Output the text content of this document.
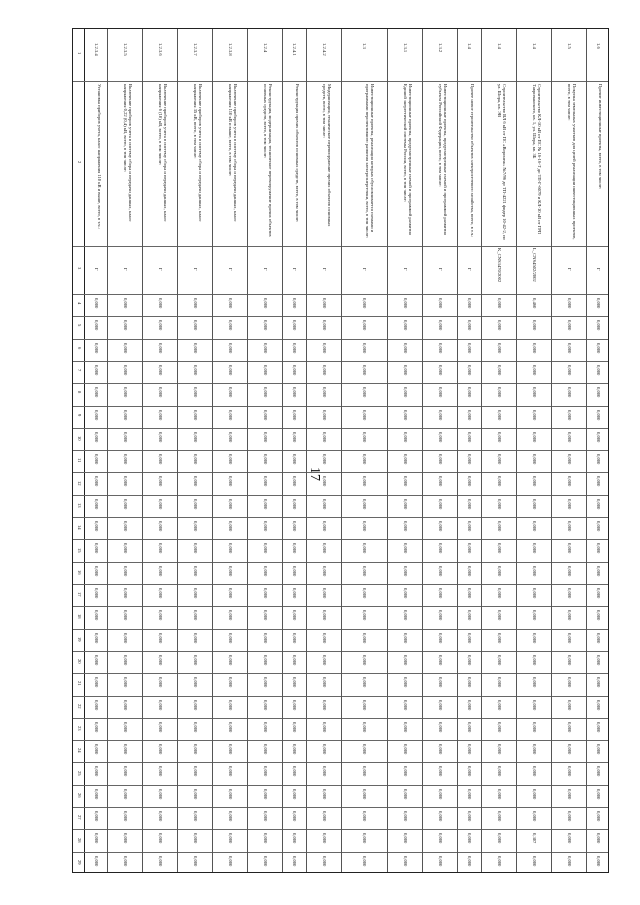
17
1
2
3
4
5
6
7
8
9
10
11
12
13
14
15
16
17
18
19
20
21
22
23
24
25
26
27
28
29
1.2.3.4
Установка приборов учета, класс напряжения 110 кВ и выше, всего, в т.ч.:
Г
0,000
0,000
0,000
0,000
0,000
0,000
0,000
0,000
0,000
0,000
0,000
0,000
0,000
0,000
0,000
0,000
0,000
0,000
0,000
0,000
0,000
0,000
0,000
0,000
0,000
0,000
1.2.3.5
Включение приборов учета в систему сбора и передачи данных, класс напряжения 0,22 (0,4) кВ, всего, в том числе:
Г
0,000
0,000
0,000
0,000
0,000
0,000
0,000
0,000
0,000
0,000
0,000
0,000
0,000
0,000
0,000
0,000
0,000
0,000
0,000
0,000
0,000
0,000
0,000
0,000
0,000
0,000
1.2.3.6
Включение приборов учета в систему сбора и передачи данных, класс напряжения 6 (10) кВ, всего, в том числе:
Г
0,000
0,000
0,000
0,000
0,000
0,000
0,000
0,000
0,000
0,000
0,000
0,000
0,000
0,000
0,000
0,000
0,000
0,000
0,000
0,000
0,000
0,000
0,000
0,000
0,000
0,000
1.2.3.7
Включение приборов учета в систему сбора и передачи данных, класс напряжения 35 кВ, всего, в том числе:
Г
0,000
0,000
0,000
0,000
0,000
0,000
0,000
0,000
0,000
0,000
0,000
0,000
0,000
0,000
0,000
0,000
0,000
0,000
0,000
0,000
0,000
0,000
0,000
0,000
0,000
0,000
1.2.3.8
Включение приборов учета в систему сбора и передачи данных, класс напряжения 110 кВ и выше, всего, в том числе:
Г
0,000
0,000
0,000
0,000
0,000
0,000
0,000
0,000
0,000
0,000
0,000
0,000
0,000
0,000
0,000
0,000
0,000
0,000
0,000
0,000
0,000
0,000
0,000
0,000
0,000
0,000
1.2.4
Реконструкция, модернизация, техническое перевооружение прочих объектов основных средств, всего, в том числе:
Г
0,000
0,000
0,000
0,000
0,000
0,000
0,000
0,000
0,000
0,000
0,000
0,000
0,000
0,000
0,000
0,000
0,000
0,000
0,000
0,000
0,000
0,000
0,000
0,000
0,000
0,000
1.2.4.1
Реконструкция прочих объектов основных средств, всего, в том числе:
Г
0,000
0,000
0,000
0,000
0,000
0,000
0,000
0,000
0,000
0,000
0,000
0,000
0,000
0,000
0,000
0,000
0,000
0,000
0,000
0,000
0,000
0,000
0,000
0,000
0,000
0,000
1.2.4.2
Модернизация, техническое перевооружение прочих объектов основных средств, всего, в том числе:
Г
0,000
0,000
0,000
0,000
0,000
0,000
0,000
0,000
0,000
0,000
0,000
0,000
0,000
0,000
0,000
0,000
0,000
0,000
0,000
0,000
0,000
0,000
0,000
0,000
0,000
0,000
1.3
Инвестиционные проекты, реализация которых обусловливается схемами и программами перспективного развития электроэнергетики, всего, в том числе:
Г
0,000
0,000
0,000
0,000
0,000
0,000
0,000
0,000
0,000
0,000
0,000
0,000
0,000
0,000
0,000
0,000
0,000
0,000
0,000
0,000
0,000
0,000
0,000
0,000
0,000
0,000
1.3.1
Инвестиционные проекты, предусмотренные схемой и программой развития Единой энергетической системы России, всего, в том числе:
Г
0,000
0,000
0,000
0,000
0,000
0,000
0,000
0,000
0,000
0,000
0,000
0,000
0,000
0,000
0,000
0,000
0,000
0,000
0,000
0,000
0,000
0,000
0,000
0,000
0,000
0,000
1.3.2
Инвестиционные проекты, предусмотренные схемой и программой развития субъекта Российской Федерации, всего, в том числе:
Г
0,000
0,000
0,000
0,000
0,000
0,000
0,000
0,000
0,000
0,000
0,000
0,000
0,000
0,000
0,000
0,000
0,000
0,000
0,000
0,000
0,000
0,000
0,000
0,000
0,000
0,000
1.4
Прочее новое строительство объектов электросетевого хозяйства, всего, в т.ч.:
Г
0,000
0,000
0,000
0,000
0,000
0,000
0,000
0,000
0,000
0,000
0,000
0,000
0,000
0,000
0,000
0,000
0,000
0,000
0,000
0,000
0,000
0,000
0,000
0,000
0,000
0,000
1.4
Строительство ВЛ 6 кВ от ПС «Воронеж» №7/96 до ТП-4221 фидер 10-42-2, по ул. Шора, кв. ЭВ
K_CNS3470/2002
0,000
0,000
0,000
0,000
0,000
0,000
0,000
0,000
0,000
0,000
0,000
0,000
0,000
0,000
0,000
0,000
0,000
0,000
0,000
0,000
0,000
0,000
0,000
0,000
0,000
0,000
1.4
Строительство КЛ-10 кВ от ПС № 16-16-Т до ТП-Г-6079 и КЛ-10 кВ от ГРП Тавричанского, кв. 1, ул. Шора, кв. 3Б
L_CNS4502/2002
0,460
0,000
0,000
0,000
0,000
0,000
0,000
0,000
0,000
0,000
0,000
0,000
0,000
0,000
0,000
0,000
0,000
0,000
0,000
0,000
0,000
0,000
0,000
0,000
0,307
0,000
1.5
Покупка земельных участков для целей реализации инвестиционных проектов, всего, в том числе:
Г
0,000
0,000
0,000
0,000
0,000
0,000
0,000
0,000
0,000
0,000
0,000
0,000
0,000
0,000
0,000
0,000
0,000
0,000
0,000
0,000
0,000
0,000
0,000
0,000
0,000
0,000
1.6
Прочие инвестиционные проекты, всего, в том числе:
Г
0,000
0,000
0,000
0,000
0,000
0,000
0,000
0,000
0,000
0,000
0,000
0,000
0,000
0,000
0,000
0,000
0,000
0,000
0,000
0,000
0,000
0,000
0,000
0,000
0,000
0,000
